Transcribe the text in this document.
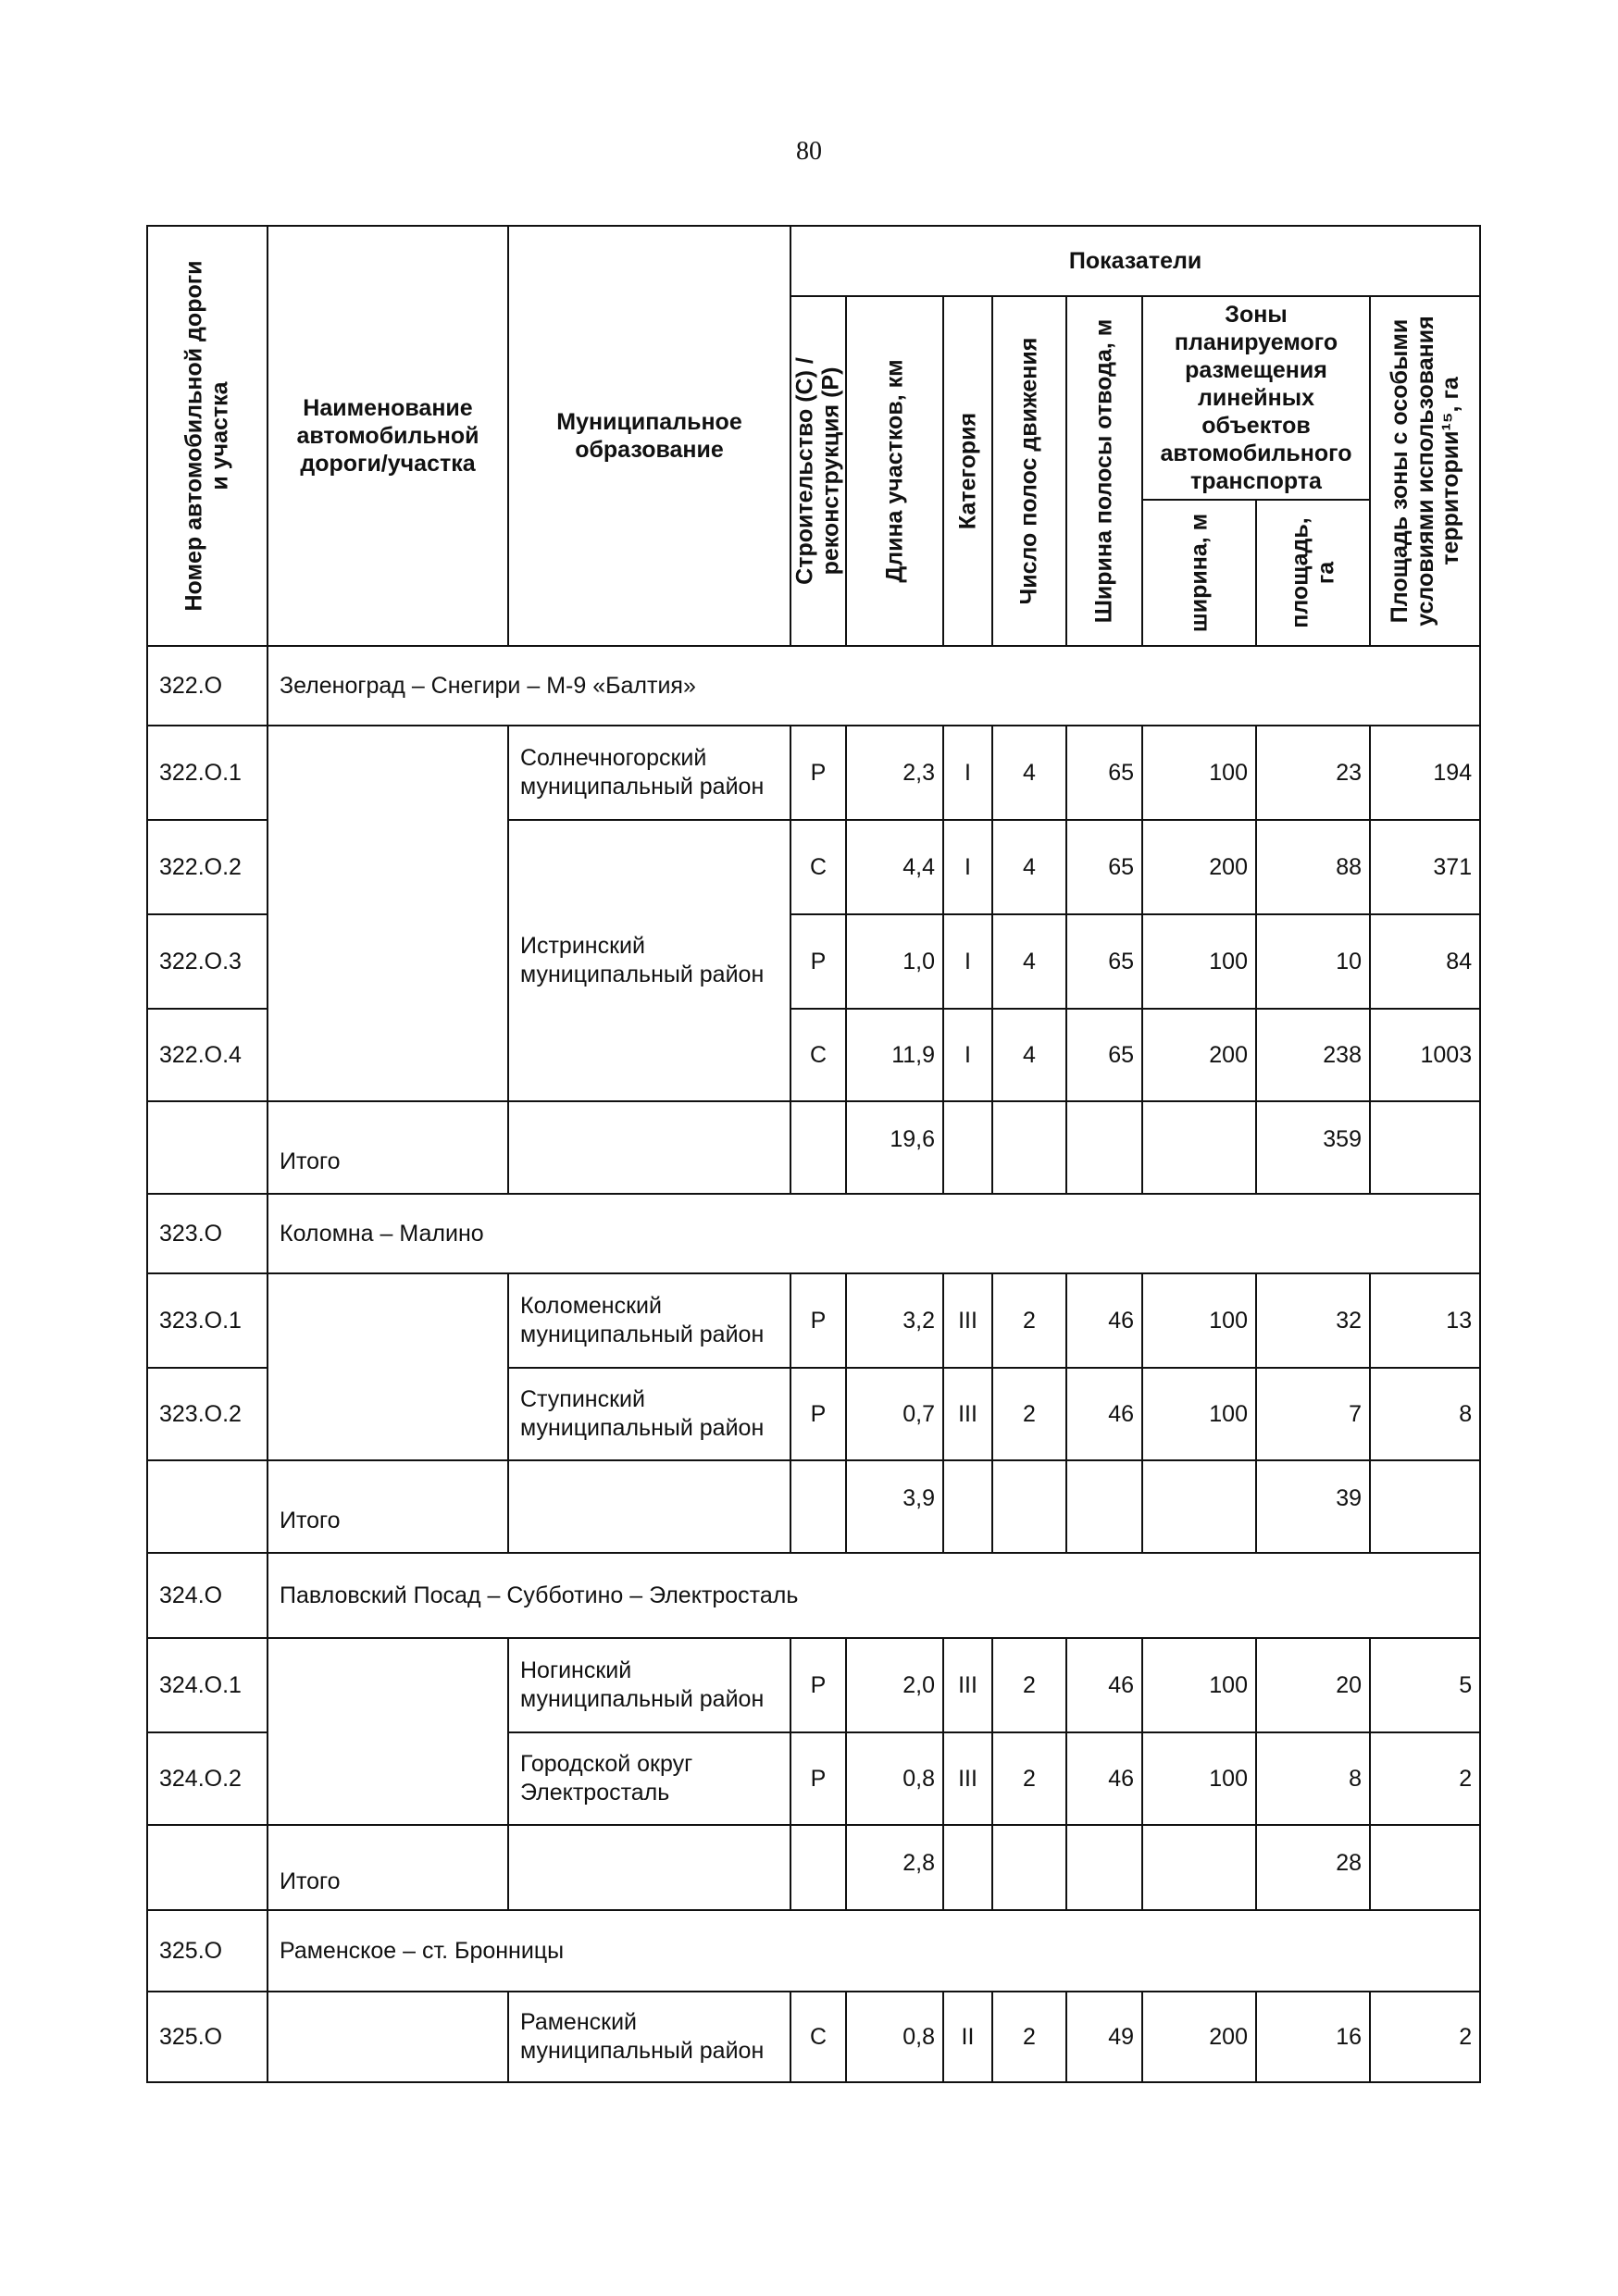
80
Номер автомобильной дороги и участка	Наименование автомобильной дороги/участка	Муниципальное образование	Показатели							

			Строительство (С) / реконструкция (Р)	Длина участков, км	Категория	Число полос движения	Ширина полосы отвода, м	Зоны планируемого размещения линейных объектов автомобильного транспорта		Площадь зоны с особыми условиями использования территории¹⁵, га

								ширина, м	площадь, га	

322.О	Зеленоград – Снегири – М-9 «Балтия»									
322.О.1		Солнечногорский муниципальный район	Р	2,3	I	4	65	100	23	194
322.О.2		Истринский муниципальный район	С	4,4	I	4	65	200	88	371
322.О.3			Р	1,0	I	4	65	100	10	84
322.О.4			С	11,9	I	4	65	200	238	1003
	Итого			19,6					359	
323.О	Коломна – Малино									
323.О.1		Коломенский муниципальный район	Р	3,2	III	2	46	100	32	13
323.О.2		Ступинский муниципальный район	Р	0,7	III	2	46	100	7	8
	Итого			3,9					39	
324.О	Павловский Посад – Субботино – Электросталь									
324.О.1		Ногинский муниципальный район	Р	2,0	III	2	46	100	20	5
324.О.2		Городской округ Электросталь	Р	0,8	III	2	46	100	8	2
	Итого			2,8					28	
325.О	Раменское – ст. Бронницы									
325.О		Раменский муниципальный район	С	0,8	II	2	49	200	16	2
